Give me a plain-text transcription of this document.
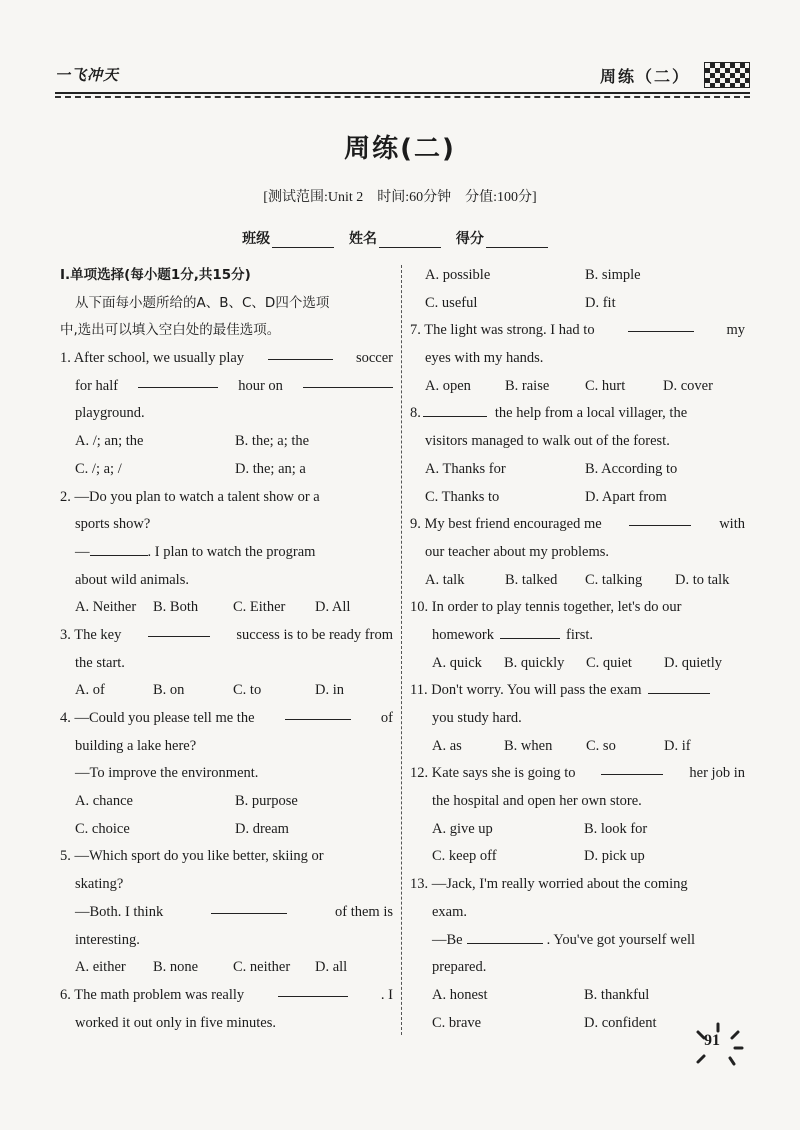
一飞冲天	周练（二）
周练(二)
[测试范围:Unit 2　时间:60分钟　分值:100分]
班级	姓名	得分
Ⅰ.单项选择(每小题1分,共15分)
从下面每小题所给的A、B、C、D四个选项
中,选出可以填入空白处的最佳选项。
1. After school, we usually play	soccer
for half	hour on
playground.
A. /; an; the	B. the; a; the
C. /; a; /	D. the; an; a
2. —Do you plan to watch a talent show or a
sports show?
—	. I plan to watch the program
about wild animals.
A. Neither B. Both C. Either D. All
3. The key	success is to be ready from
the start.
A. of	B. on	C. to	D. in
4. —Could you please tell me the	of
building a lake here?
—To improve the environment.
A. chance	B. purpose
C. choice	D. dream
5. —Which sport do you like better, skiing or
skating?
—Both. I think	of them is
interesting.
A. either B. none C. neither D. all
6. The math problem was really	. I
worked it out only in five minutes.
A. possible	B. simple
C. useful	D. fit
7. The light was strong. I had to	my
eyes with my hands.
A. open B. raise C. hurt	D. cover
8.	the help from a local villager, the
visitors managed to walk out of the forest.
A. Thanks for	B. According to
C. Thanks to	D. Apart from
9. My best friend encouraged me	with
our teacher about my problems.
A. talk	B. talked C. talking D. to talk
10. In order to play tennis together, let's do our
homework	first.
A. quick B. quickly C. quiet D. quietly
11. Don't worry. You will pass the exam
you study hard.
A. as	B. when C. so	D. if
12. Kate says she is going to	her job in
the hospital and open her own store.
A. give up	B. look for
C. keep off	D. pick up
13. —Jack, I'm really worried about the coming
exam.
—Be	. You've got yourself well
prepared.
A. honest	B. thankful
C. brave	D. confident
91
